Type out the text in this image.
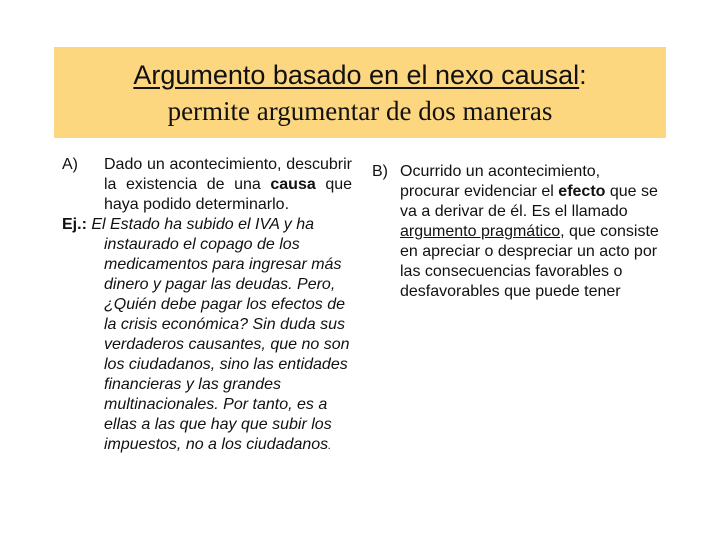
Argumento basado en el nexo causal:
permite argumentar de dos maneras
A)	Dado un acontecimiento, descubrir la existencia de una causa que haya podido determinarlo.
Ej.: El Estado ha subido el IVA y ha instaurado el copago de los medicamentos para ingresar más dinero y pagar las deudas. Pero, ¿Quién debe pagar los efectos de la crisis económica? Sin duda sus verdaderos causantes, que no son los ciudadanos, sino las entidades financieras y las grandes multinacionales. Por tanto, es a ellas a las que hay que subir los impuestos, no a los ciudadanos.
B) Ocurrido un acontecimiento, procurar evidenciar el efecto que se va a derivar de él. Es el llamado argumento pragmático, que consiste en apreciar o despreciar un acto por las consecuencias favorables o desfavorables que puede tener
